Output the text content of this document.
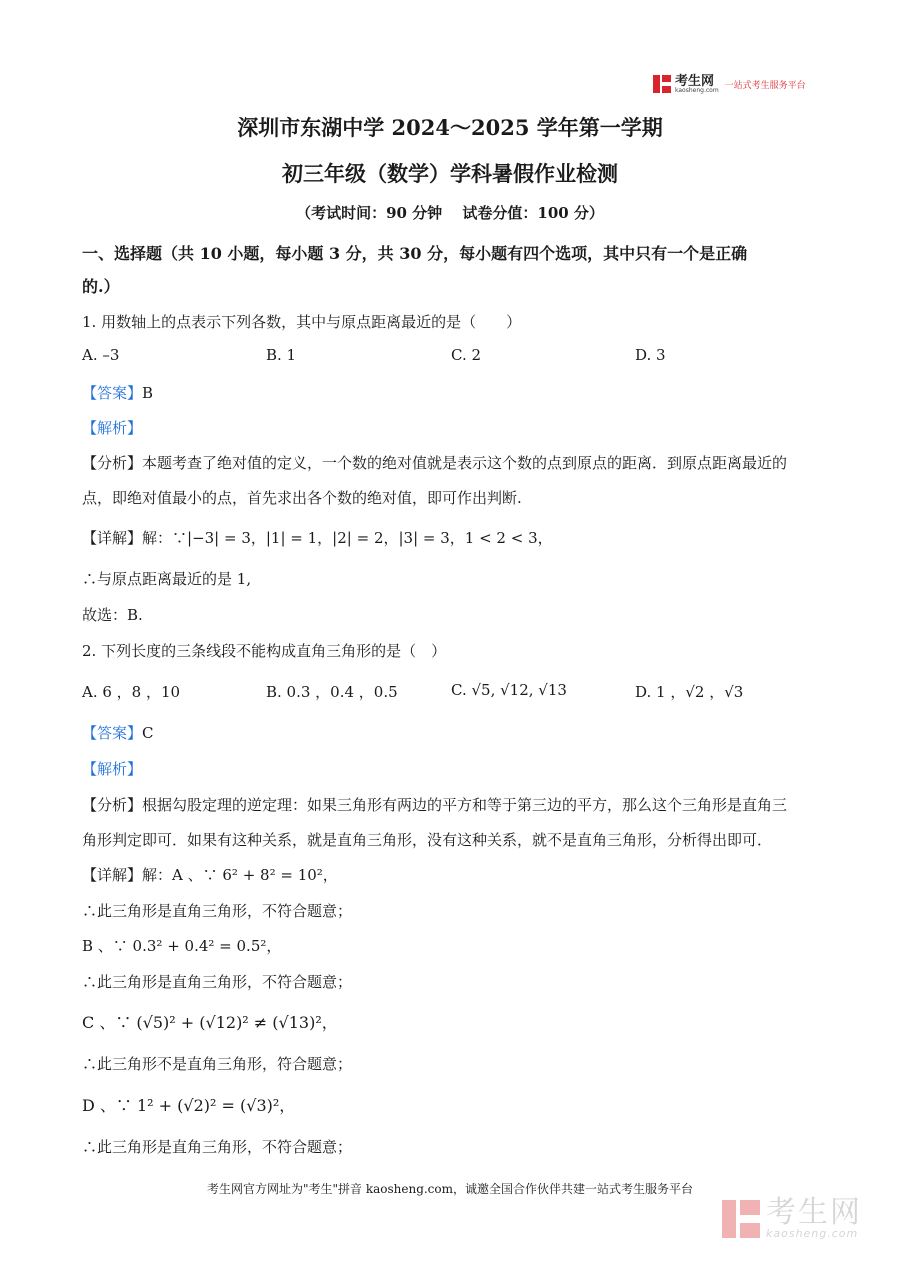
考生网
kaosheng.com 一站式考生服务平台
深圳市东湖中学 2024～2025 学年第一学期
初三年级（数学）学科暑假作业检测
（考试时间：90 分钟　 试卷分值：100 分）
一、选择题（共 10 小题，每小题 3 分，共 30 分，每小题有四个选项，其中只有一个是正确
的.）
1. 用数轴上的点表示下列各数，其中与原点距离最近的是（　　）
A. –3	B. 1	C. 2	D. 3
【答案】B
【解析】
【分析】本题考查了绝对值的定义，一个数的绝对值就是表示这个数的点到原点的距离．到原点距离最近的
点，即绝对值最小的点，首先求出各个数的绝对值，即可作出判断.
【详解】解：∵|−3| = 3，|1| = 1，|2| = 2，|3| = 3，1 < 2 < 3，
∴与原点距离最近的是 1,
故选：B.
2. 下列长度的三条线段不能构成直角三角形的是（　）
A. 6 ，8 ，10	B. 0.3 ，0.4 ，0.5	C. √5, √12, √13	D. 1 ，√2 ，√3
【答案】C
【解析】
【分析】根据勾股定理的逆定理：如果三角形有两边的平方和等于第三边的平方，那么这个三角形是直角三
角形判定即可．如果有这种关系，就是直角三角形，没有这种关系，就不是直角三角形，分析得出即可．
【详解】解：A 、∵ 6² + 8² = 10²，
∴此三角形是直角三角形，不符合题意；
B 、∵ 0.3² + 0.4² = 0.5²，
∴此三角形是直角三角形，不符合题意；
C 、∵ (√5)² + (√12)² ≠ (√13)²，
∴此三角形不是直角三角形，符合题意；
D 、∵ 1² + (√2)² = (√3)²，
∴此三角形是直角三角形，不符合题意；
考生网官方网址为"考生"拼音 kaosheng.com，诚邀全国合作伙伴共建一站式考生服务平台
考生网
kaosheng.com
